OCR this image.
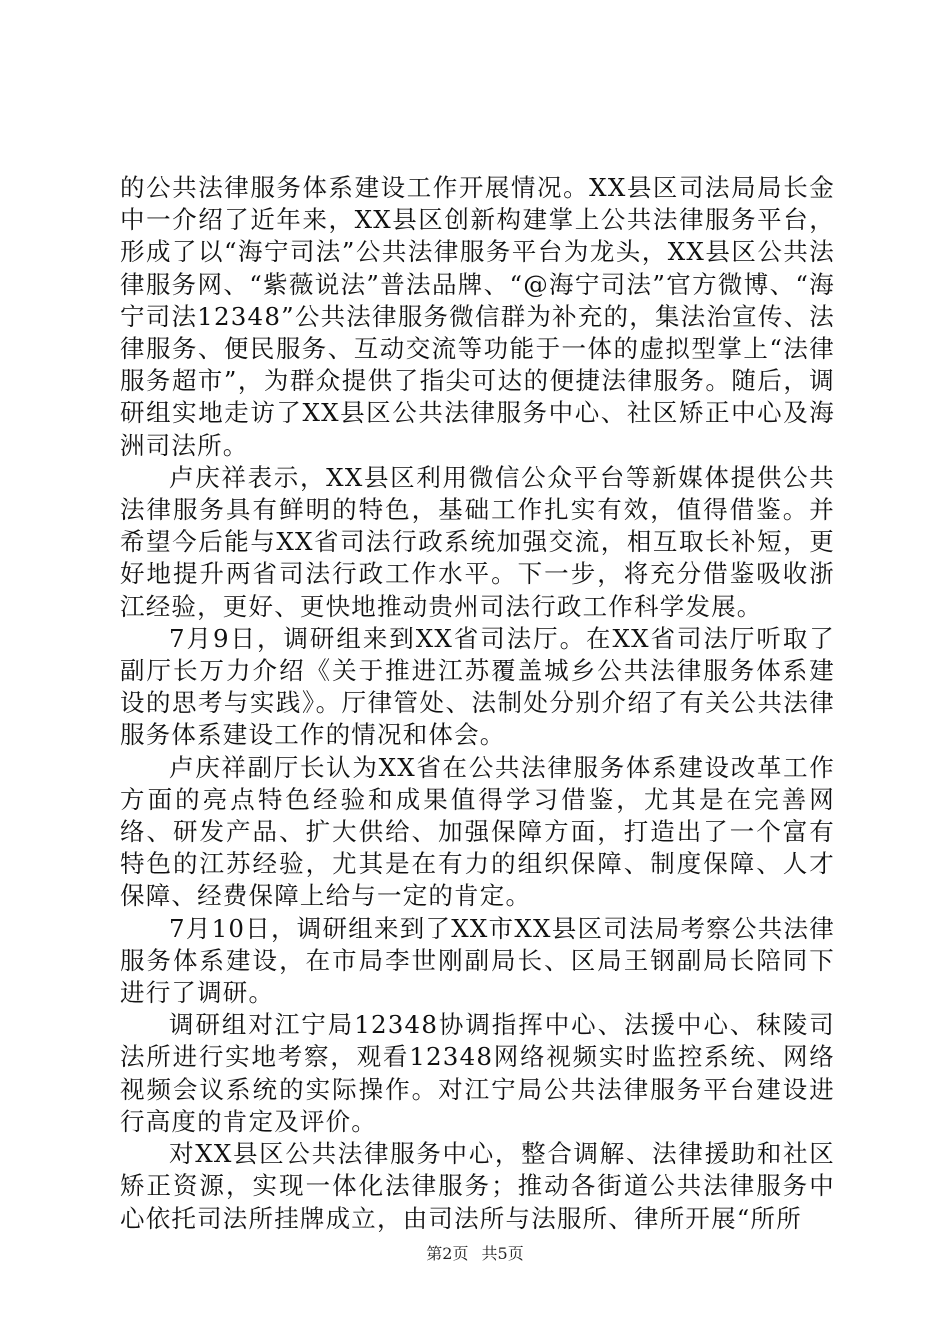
的公共法律服务体系建设工作开展情况。XX县区司法局局长金中一介绍了近年来，XX县区创新构建掌上公共法律服务平台，形成了以“海宁司法”公共法律服务平台为龙头，XX县区公共法律服务网、“紫薇说法”普法品牌、“@海宁司法”官方微博、“海宁司法12348”公共法律服务微信群为补充的，集法治宣传、法律服务、便民服务、互动交流等功能于一体的虚拟型掌上“法律服务超市”，为群众提供了指尖可达的便捷法律服务。随后，调研组实地走访了XX县区公共法律服务中心、社区矫正中心及海洲司法所。

卢庆祥表示，XX县区利用微信公众平台等新媒体提供公共法律服务具有鲜明的特色，基础工作扎实有效，值得借鉴。并希望今后能与XX省司法行政系统加强交流，相互取长补短，更好地提升两省司法行政工作水平。下一步，将充分借鉴吸收浙江经验，更好、更快地推动贵州司法行政工作科学发展。

7月9日，调研组来到XX省司法厅。在XX省司法厅听取了副厅长万力介绍《关于推进江苏覆盖城乡公共法律服务体系建设的思考与实践》。厅律管处、法制处分别介绍了有关公共法律服务体系建设工作的情况和体会。

卢庆祥副厅长认为XX省在公共法律服务体系建设改革工作方面的亮点特色经验和成果值得学习借鉴，尤其是在完善网络、研发产品、扩大供给、加强保障方面，打造出了一个富有特色的江苏经验，尤其是在有力的组织保障、制度保障、人才保障、经费保障上给与一定的肯定。

7月10日，调研组来到了XX市XX县区司法局考察公共法律服务体系建设，在市局李世刚副局长、区局王钢副局长陪同下进行了调研。

调研组对江宁局12348协调指挥中心、法援中心、秣陵司法所进行实地考察，观看12348网络视频实时监控系统、网络视频会议系统的实际操作。对江宁局公共法律服务平台建设进行高度的肯定及评价。

对XX县区公共法律服务中心，整合调解、法律援助和社区矫正资源，实现一体化法律服务；推动各街道公共法律服务中心依托司法所挂牌成立，由司法所与法服所、律所开展“所所

第2页 共5页
